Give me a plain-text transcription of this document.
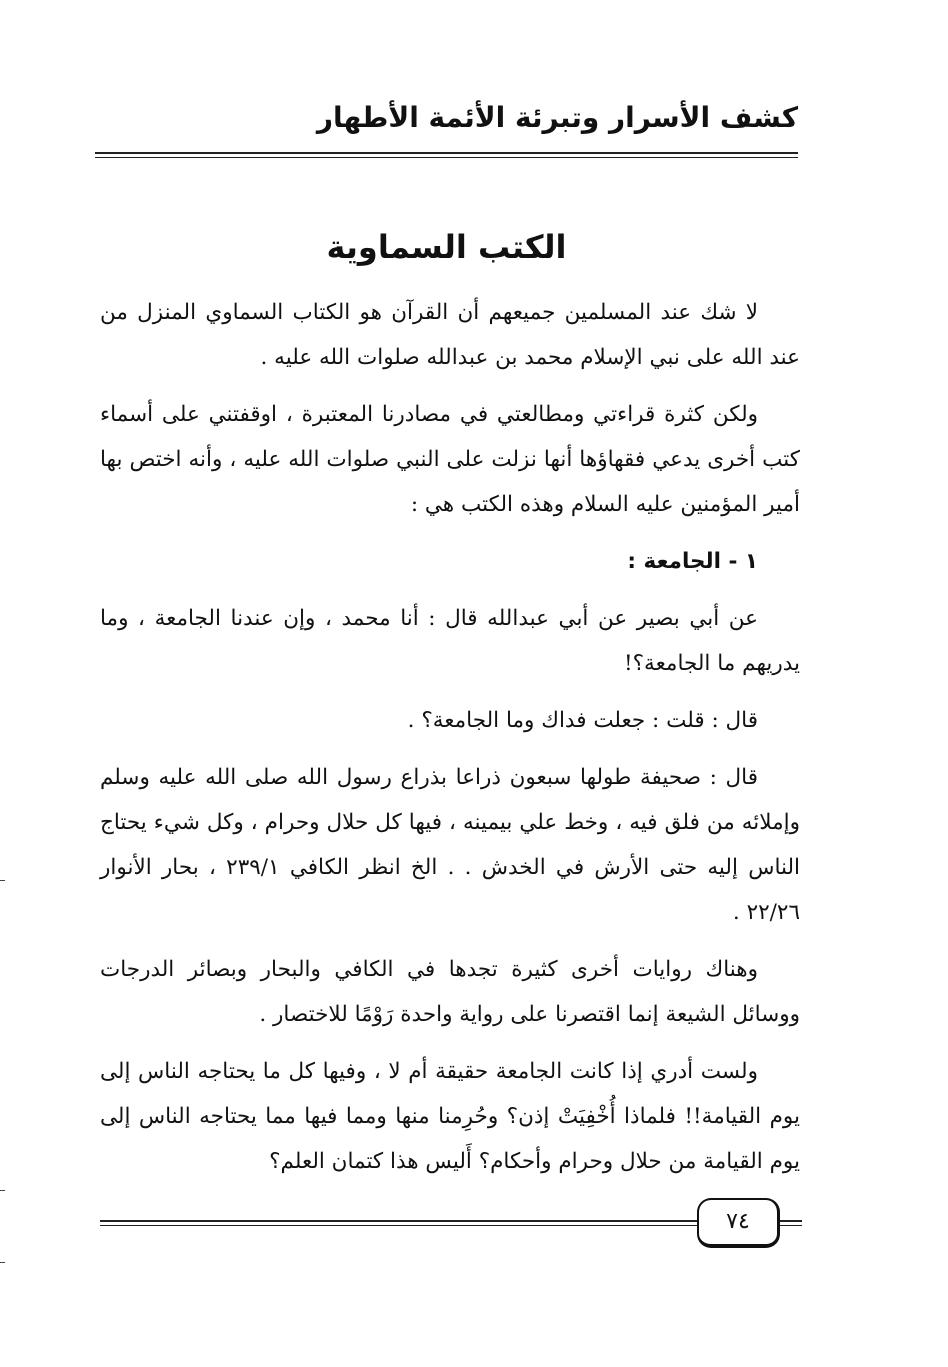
كشف الأسرار وتبرئة الأئمة الأطهار
الكتب السماوية

لا شك عند المسلمين جميعهم أن القرآن هو الكتاب السماوي المنزل من عند الله على نبي الإسلام محمد بن عبدالله صلوات الله عليه .

ولكن كثرة قراءتي ومطالعتي في مصادرنا المعتبرة ، اوقفتني على أسماء كتب أخرى يدعي فقهاؤها أنها نزلت على النبي صلوات الله عليه ، وأنه اختص بها أمير المؤمنين عليه السلام وهذه الكتب هي :

١ - الجامعة :

عن أبي بصير عن أبي عبدالله قال : أنا محمد ، وإن عندنا الجامعة ، وما يدريهم ما الجامعة؟!

قال : قلت : جعلت فداك وما الجامعة؟ .

قال : صحيفة طولها سبعون ذراعا بذراع رسول الله صلى الله عليه وسلم وإملائه من فلق فيه ، وخط علي بيمينه ، فيها كل حلال وحرام ، وكل شيء يحتاج الناس إليه حتى الأرش في الخدش . . الخ انظر الكافي ٢٣٩/١ ، بحار الأنوار ٢٢/٢٦ .

وهناك روايات أخرى كثيرة تجدها في الكافي والبحار وبصائر الدرجات ووسائل الشيعة إنما اقتصرنا على رواية واحدة رَوْمًا للاختصار .

ولست أدري إذا كانت الجامعة حقيقة أم لا ، وفيها كل ما يحتاجه الناس إلى يوم القيامة!! فلماذا أُخْفِيَتْ إذن؟ وحُرِمنا منها ومما فيها مما يحتاجه الناس إلى يوم القيامة من حلال وحرام وأحكام؟ أَليس هذا كتمان العلم؟

٧٤
